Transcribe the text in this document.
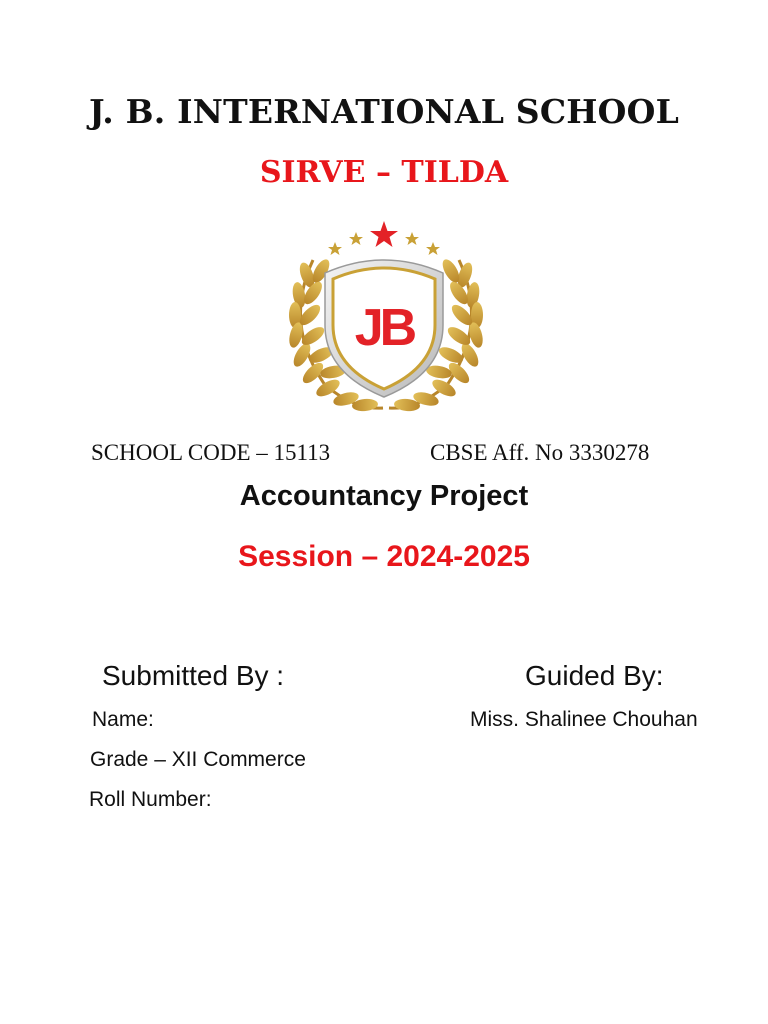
J. B. INTERNATIONAL SCHOOL
SIRVE – TILDA
JB
SCHOOL CODE – 15113	CBSE Aff. No 3330278
Accountancy Project
Session – 2024-2025
Submitted By :	Guided By:
Name:	Miss. Shalinee Chouhan
Grade – XII Commerce
Roll Number:
